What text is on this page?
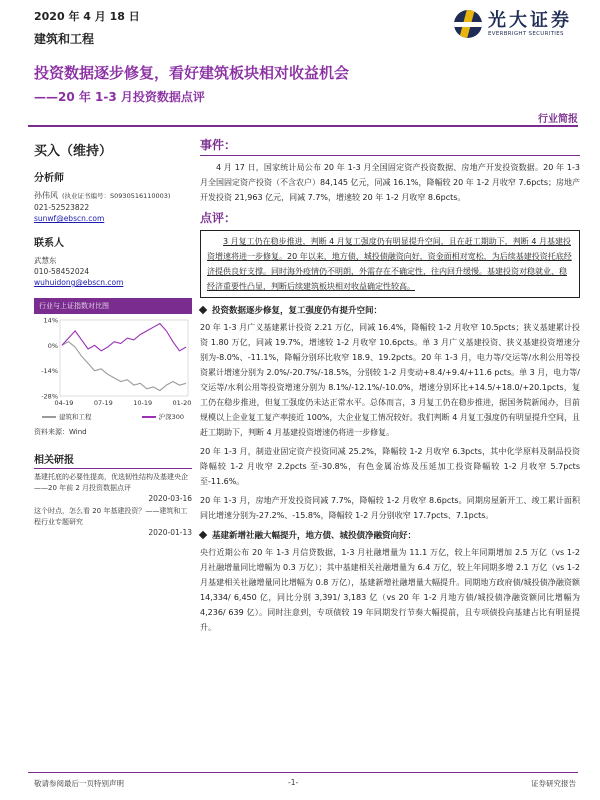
2020 年 4 月 18 日
建筑和工程
光大证券
EVERBRIGHT SECURITIES
投资数据逐步修复，看好建筑板块相对收益机会
——20 年 1-3 月投资数据点评
行业简报
买入（维持）
分析师
孙伟风 (执业证书编号：S0930516110003)
021-52523822
sunwf@ebscn.com
联系人
武慧东
010-58452024
wuhuidong@ebscn.com
行业与上证指数对比图
14%
0%
-14%
-28%
04-19	07-19	10-19	01-20
建筑和工程	沪深300
资料来源：Wind
相关研报
基建托底的必要性提高，优选韧性结构及基建央企——20 年前 2 月投资数据点评
2020-03-16
这个时点，怎么看 20 年基建投资？——建筑和工程行业专题研究
2020-01-13
事件：
4 月 17 日，国家统计局公布 20 年 1-3 月全国固定资产投资数据、房地产开发投资数据。20 年 1-3 月全国固定资产投资（不含农户）84,145 亿元，同减 16.1%，降幅较 20 年 1-2 月收窄 7.6pcts；房地产开发投资 21,963 亿元，同减 7.7%，增速较 20 年 1-2 月收窄 8.6pcts。
点评：
3 月复工仍在稳步推进，判断 4 月复工强度仍有明显提升空间，且在赶工期助下，判断 4 月基建投资增速将进一步修复。20 年以来，地方债、城投债融资向好，资金面相对宽松，为后续基建投资托底经济提供良好支撑。同时海外疫情仍不明朗，外需存在不确定性，往内回升缓慢。基建投资对稳就业、稳经济重要性凸显，判断后续建筑板块相对收益确定性较高。
投资数据逐步修复，复工强度仍有提升空间：
20 年 1-3 月广义基建累计投资 2.21 万亿，同减 16.4%，降幅较 1-2 月收窄 10.5pcts；狭义基建累计投资 1.80 万亿，同减 19.7%，增速较 1-2 月收窄 10.6pcts。单 3 月广义基建投资、狭义基建投资增速分别为-8.0%、-11.1%，降幅分别环比收窄 18.9、19.2pcts。20 年 1-3 月，电力等/交运等/水利公用等投资累计增速分别为 2.0%/-20.7%/-18.5%，分别较 1-2 月变动+8.4/+9.4/+11.6 pcts。单 3 月，电力等/交运等/水利公用等投资增速分别为 8.1%/-12.1%/-10.0%，增速分别环比+14.5/+18.0/+20.1pcts，复工仍在稳步推进，但复工强度仍未达正常水平。总体而言，3 月复工仍在稳步推进，据国务院新闻办，目前规模以上企业复工复产率接近 100%，大企业复工情况较好。我们判断 4 月复工强度仍有明显提升空间，且赶工期助下，判断 4 月基建投资增速仍将进一步修复。
20 年 1-3 月，制造业固定资产投资同减 25.2%，降幅较 1-2 月收窄 6.3pcts，其中化学原料及制品投资降幅较 1-2 月收窄 2.2pcts 至-30.8%，有色金属冶炼及压延加工投资降幅较 1-2 月收窄 5.7pcts 至-11.6%。
20 年 1-3 月，房地产开发投资同减 7.7%，降幅较 1-2 月收窄 8.6pcts。同期房屋新开工、竣工累计面积同比增速分别为-27.2%、-15.8%，降幅较 1-2 月分别收窄 17.7pcts、7.1pcts。
基建新增社融大幅提升，地方债、城投债净融资向好：
央行近期公布 20 年 1-3 月信贷数据，1-3 月社融增量为 11.1 万亿，较上年同期增加 2.5 万亿（vs 1-2 月社融增量同比增幅为 0.3 万亿）；其中基建相关社融增量为 6.4 万亿，较上年同期多增 2.1 万亿（vs 1-2 月基建相关社融增量同比增幅为 0.8 万亿），基建新增社融增量大幅提升。同期地方政府债/城投债净融资额 14,334/ 6,450 亿，同比分别 3,391/ 3,183 亿（vs 20 年 1-2 月地方债/城投债净融资额同比增幅为 4,236/ 639 亿）。同时注意到，专项债较 19 年同期发行节奏大幅提前，且专项债投向基建占比有明显提升。
敬请参阅最后一页特别声明	-1-	证券研究报告
